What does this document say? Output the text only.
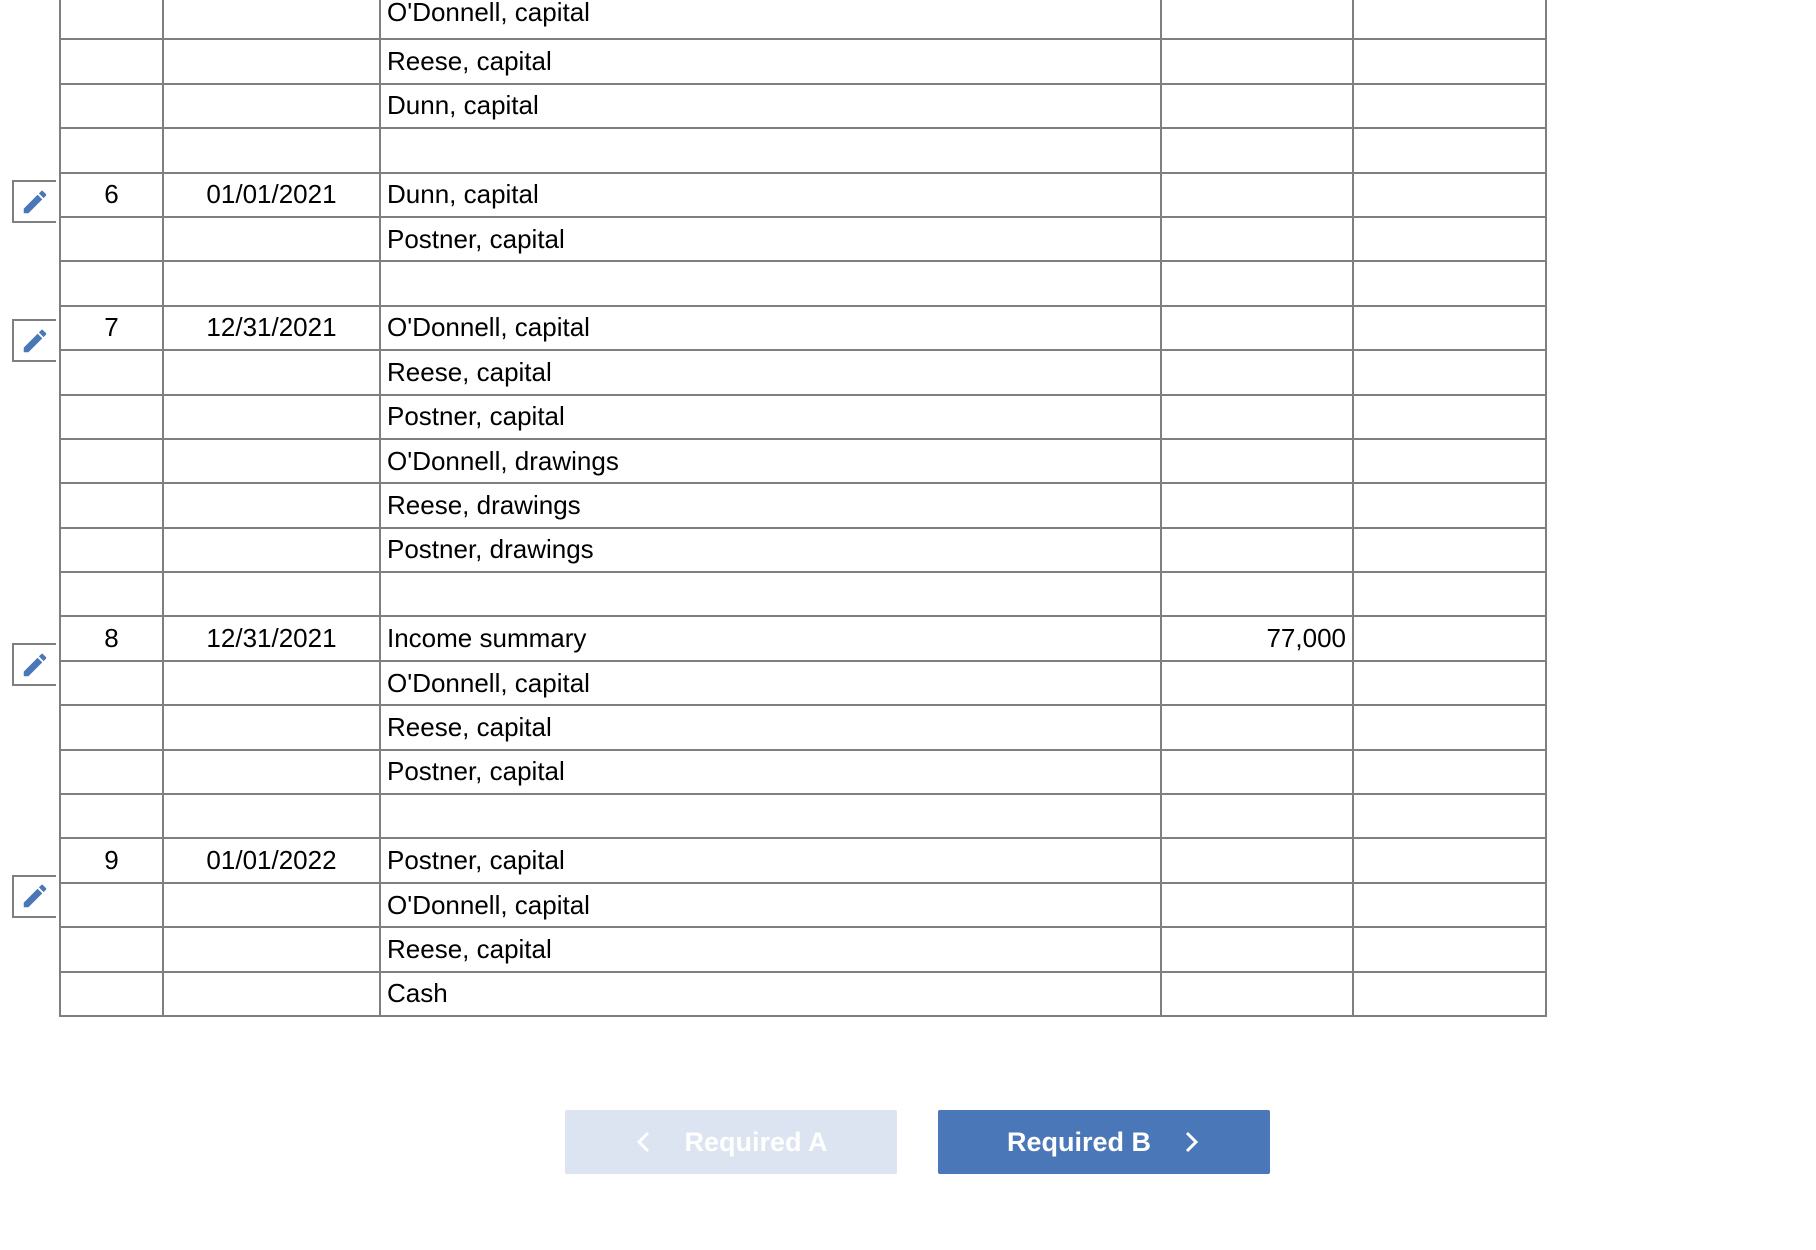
		O'Donnell, capital		
		Reese, capital		
		Dunn, capital		

6	01/01/2021	Dunn, capital		
		Postner, capital		

7	12/31/2021	O'Donnell, capital		
		Reese, capital		
		Postner, capital		
		O'Donnell, drawings		
		Reese, drawings		
		Postner, drawings		

8	12/31/2021	Income summary	77,000	
		O'Donnell, capital		
		Reese, capital		
		Postner, capital		

9	01/01/2022	Postner, capital		
		O'Donnell, capital		
		Reese, capital		
		Cash		
Required A	Required B
